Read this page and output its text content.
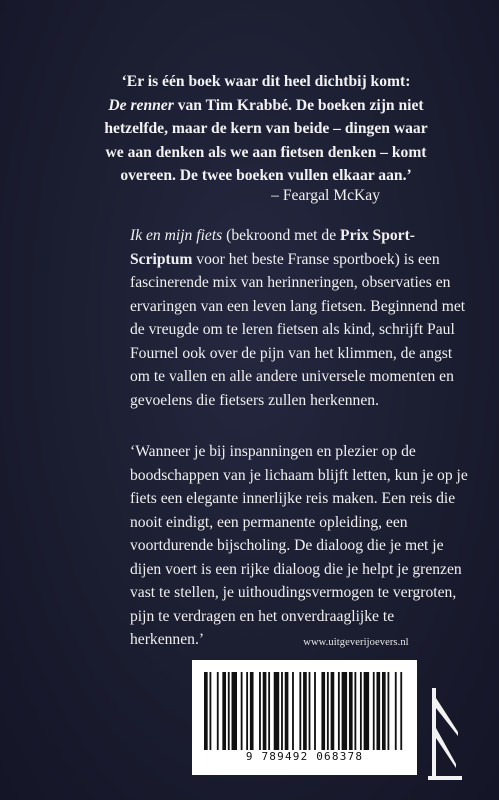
‘Er is één boek waar dit heel dichtbij komt:
De renner van Tim Krabbé. De boeken zijn niet
hetzelfde, maar de kern van beide – dingen waar
we aan denken als we aan fietsen denken – komt
overeen. De twee boeken vullen elkaar aan.’
– Feargal McKay
Ik en mijn fiets (bekroond met de Prix Sport-Scriptum voor het beste Franse sportboek) is een fascinerende mix van herinneringen, observaties en ervaringen van een leven lang fietsen. Beginnend met de vreugde om te leren fietsen als kind, schrijft Paul Fournel ook over de pijn van het klimmen, de angst om te vallen en alle andere universele momenten en gevoelens die fietsers zullen herkennen.
‘Wanneer je bij inspanningen en plezier op de boodschappen van je lichaam blijft letten, kun je op je fiets een elegante innerlijke reis maken. Een reis die nooit eindigt, een permanente opleiding, een voortdurende bijscholing. De dialoog die je met je dijen voert is een rijke dialoog die je helpt je grenzen vast te stellen, je uithoudingsvermogen te vergroten, pijn te verdragen en het onverdraaglijke te herkennen.’	www.uitgeverijoevers.nl
9 789492 068378
